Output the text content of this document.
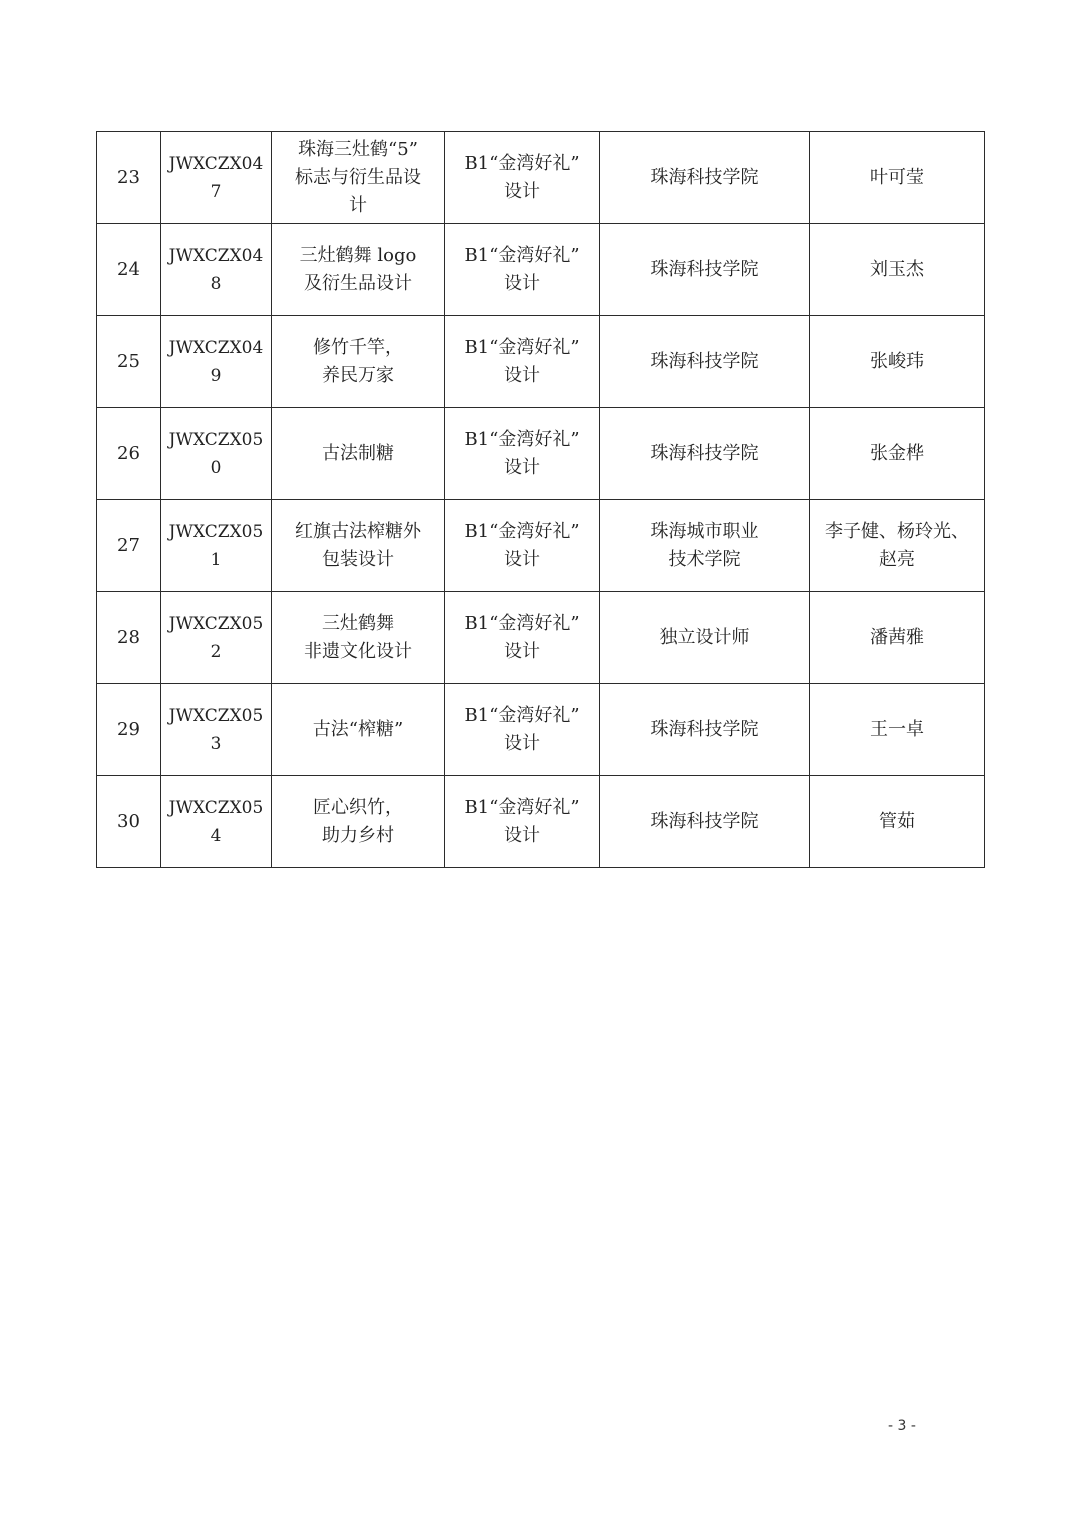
23	JWXCZX047	珠海三灶鹤“5”
标志与衍生品设
计	B1“金湾好礼”
设计	珠海科技学院	叶可莹

24	JWXCZX048	三灶鹤舞 logo
及衍生品设计	B1“金湾好礼”
设计	珠海科技学院	刘玉杰

25	JWXCZX049	修竹千竿，
养民万家	B1“金湾好礼”
设计	珠海科技学院	张峻玮

26	JWXCZX050	古法制糖	B1“金湾好礼”
设计	珠海科技学院	张金桦

27	JWXCZX051	红旗古法榨糖外
包装设计	B1“金湾好礼”
设计	珠海城市职业
技术学院	李子健、杨玲光、
赵亮

28	JWXCZX052	三灶鹤舞
非遗文化设计	B1“金湾好礼”
设计	独立设计师	潘茜雅

29	JWXCZX053	古法“榨糖”	B1“金湾好礼”
设计	珠海科技学院	王一卓

30	JWXCZX054	匠心织竹，
助力乡村	B1“金湾好礼”
设计	珠海科技学院	管茹
- 3 -
